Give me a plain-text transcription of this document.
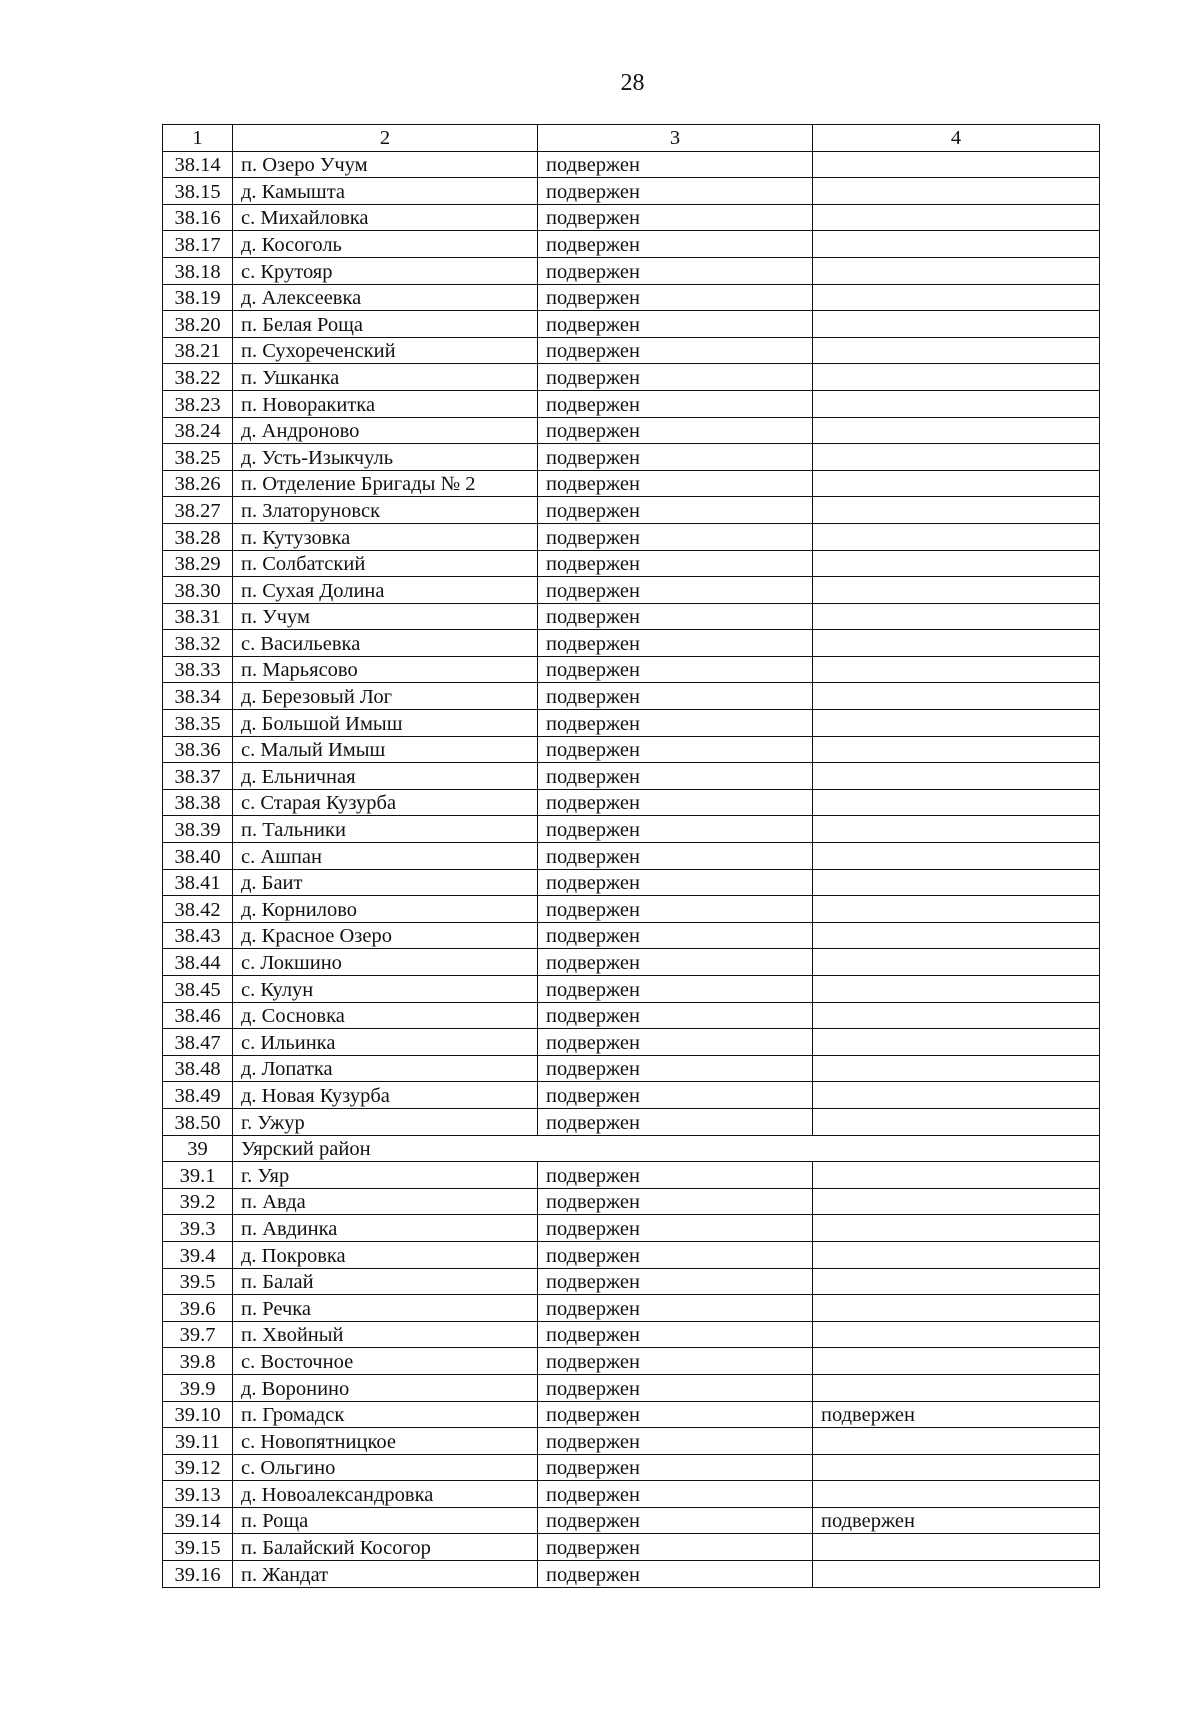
28
1	2	3	4
38.14	п. Озеро Учум	подвержен	
38.15	д. Камышта	подвержен	
38.16	с. Михайловка	подвержен	
38.17	д. Косоголь	подвержен	
38.18	с. Крутояр	подвержен	
38.19	д. Алексеевка	подвержен	
38.20	п. Белая Роща	подвержен	
38.21	п. Сухореченский	подвержен	
38.22	п. Ушканка	подвержен	
38.23	п. Новоракитка	подвержен	
38.24	д. Андроново	подвержен	
38.25	д. Усть-Изыкчуль	подвержен	
38.26	п. Отделение Бригады № 2	подвержен	
38.27	п. Златоруновск	подвержен	
38.28	п. Кутузовка	подвержен	
38.29	п. Солбатский	подвержен	
38.30	п. Сухая Долина	подвержен	
38.31	п. Учум	подвержен	
38.32	с. Васильевка	подвержен	
38.33	п. Марьясово	подвержен	
38.34	д. Березовый Лог	подвержен	
38.35	д. Большой Имыш	подвержен	
38.36	с. Малый Имыш	подвержен	
38.37	д. Ельничная	подвержен	
38.38	с. Старая Кузурба	подвержен	
38.39	п. Тальники	подвержен	
38.40	с. Ашпан	подвержен	
38.41	д. Баит	подвержен	
38.42	д. Корнилово	подвержен	
38.43	д. Красное Озеро	подвержен	
38.44	с. Локшино	подвержен	
38.45	с. Кулун	подвержен	
38.46	д. Сосновка	подвержен	
38.47	с. Ильинка	подвержен	
38.48	д. Лопатка	подвержен	
38.49	д. Новая Кузурба	подвержен	
38.50	г. Ужур	подвержен	
39	Уярский район		
39.1	г. Уяр	подвержен	
39.2	п. Авда	подвержен	
39.3	п. Авдинка	подвержен	
39.4	д. Покровка	подвержен	
39.5	п. Балай	подвержен	
39.6	п. Речка	подвержен	
39.7	п. Хвойный	подвержен	
39.8	с. Восточное	подвержен	
39.9	д. Воронино	подвержен	
39.10	п. Громадск	подвержен	подвержен
39.11	с. Новопятницкое	подвержен	
39.12	с. Ольгино	подвержен	
39.13	д. Новоалександровка	подвержен	
39.14	п. Роща	подвержен	подвержен
39.15	п. Балайский Косогор	подвержен	
39.16	п. Жандат	подвержен	
